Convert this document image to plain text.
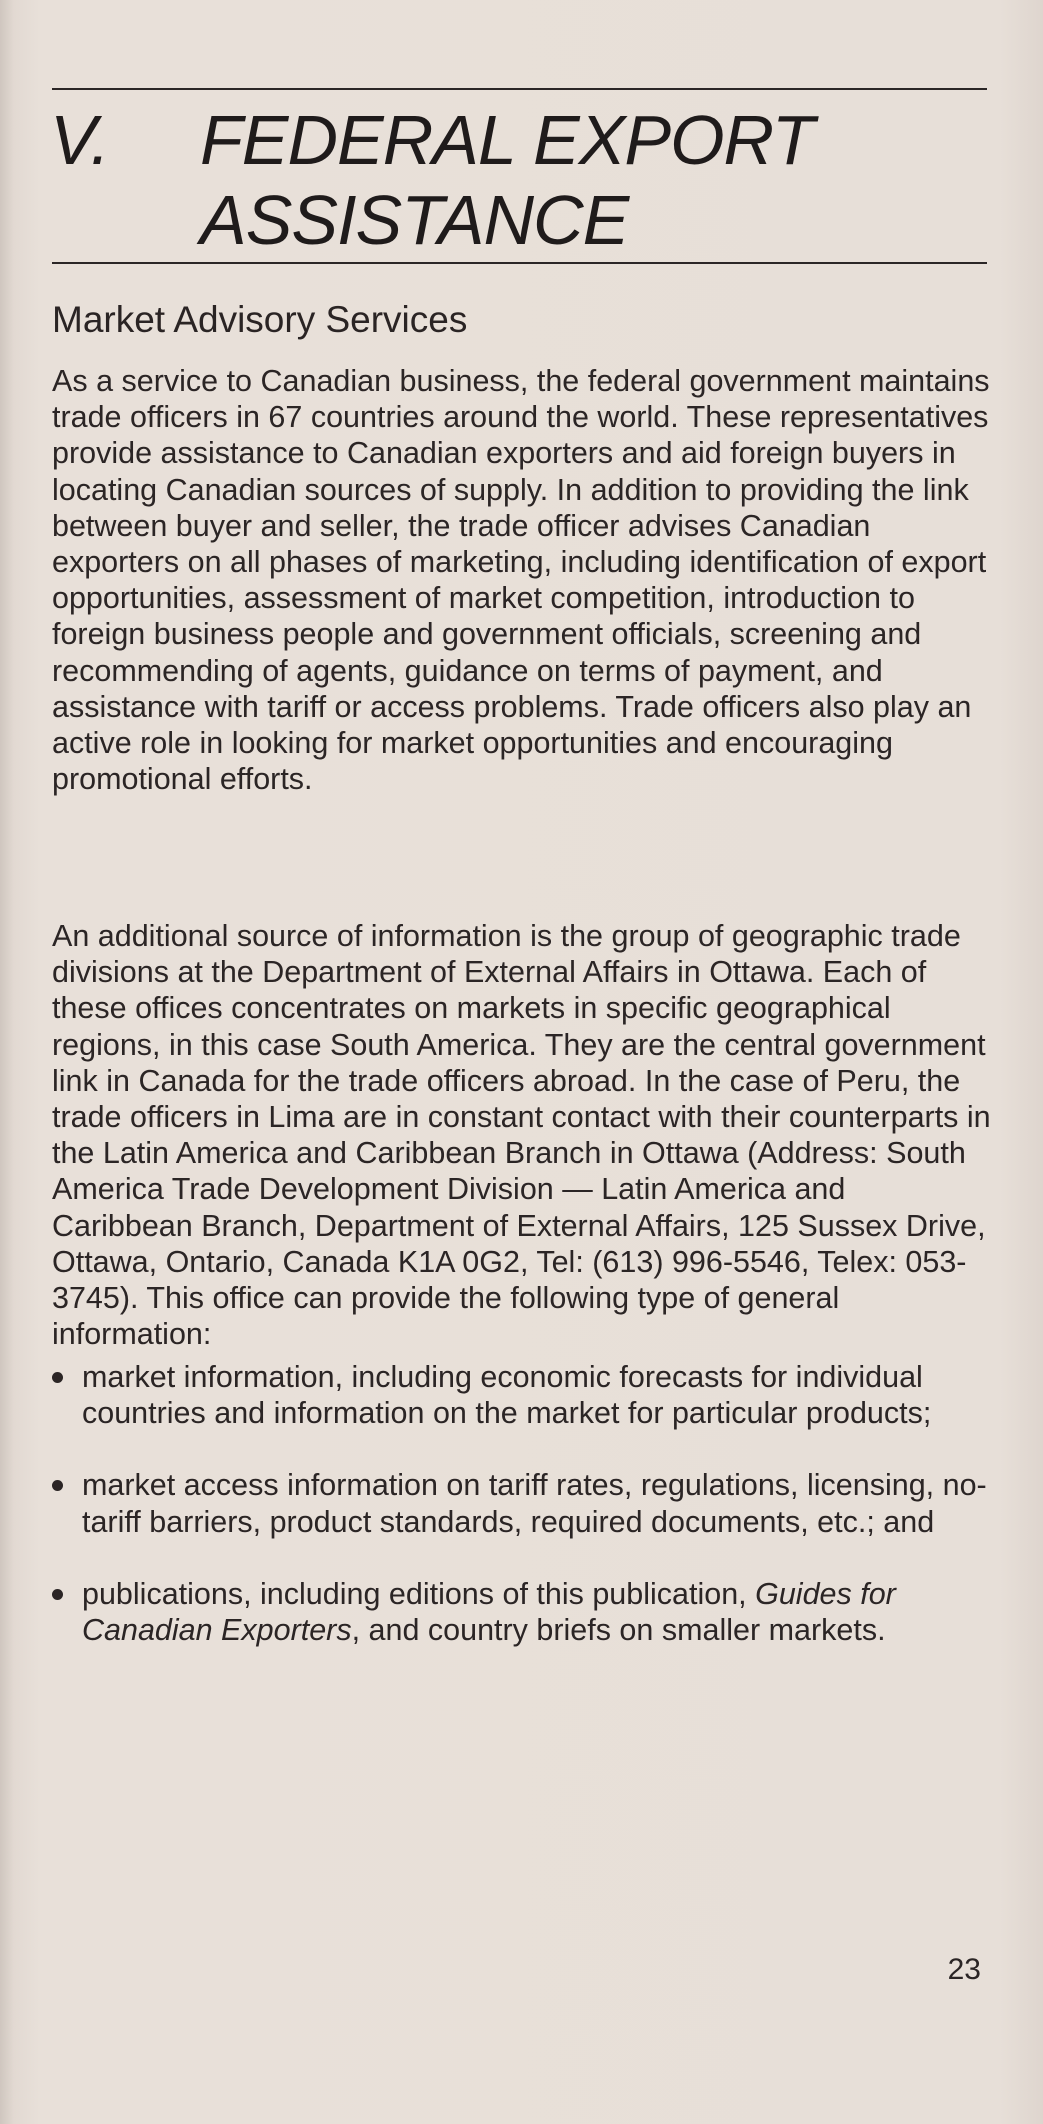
V. FEDERAL EXPORT
ASSISTANCE
Market Advisory Services
As a service to Canadian business, the federal government maintains trade officers in 67 countries around the world. These representatives provide assistance to Canadian exporters and aid foreign buyers in locating Canadian sources of supply. In addition to providing the link between buyer and seller, the trade officer advises Canadian exporters on all phases of marketing, including identification of export opportunities, assessment of market competition, introduction to foreign business people and government officials, screening and recommending of agents, guidance on terms of payment, and assistance with tariff or access problems. Trade officers also play an active role in looking for market opportunities and encouraging promotional efforts.
An additional source of information is the group of geographic trade divisions at the Department of External Affairs in Ottawa. Each of these offices concentrates on markets in specific geographical regions, in this case South America. They are the central government link in Canada for the trade officers abroad. In the case of Peru, the trade officers in Lima are in constant contact with their counterparts in the Latin America and Caribbean Branch in Ottawa (Address: South America Trade Development Division — Latin America and Caribbean Branch, Department of External Affairs, 125 Sussex Drive, Ottawa, Ontario, Canada K1A 0G2, Tel: (613) 996-5546, Telex: 053-3745). This office can provide the following type of general information:
market information, including economic forecasts for individual countries and information on the market for particular products;
market access information on tariff rates, regulations, licensing, no-tariff barriers, product standards, required documents, etc.; and
publications, including editions of this publication, Guides for Canadian Exporters, and country briefs on smaller markets.
23
